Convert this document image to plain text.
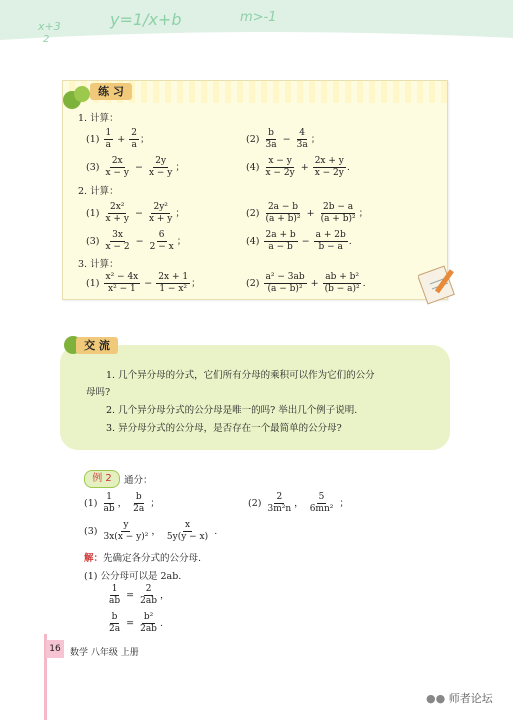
x+3
2
y=1/x+b	m>-1
练 习
1. 计算：
2. 计算：
3. 计算：
$(1) \frac{1}{a} + \frac{2}{a}$ ；	$(2) \frac{b}{3a} - \frac{4}{3a}$ ；
$(3) \frac{2x}{x - y} - \frac{2y}{x - y}$ ；	$(4) \frac{x - y}{x - 2y} + \frac{2x + y}{x - 2y}$ .
$(1) \frac{\text{2x²}}{x + y} - \frac{\text{2y²}}{x + y}$ ；	$(2) \frac{2a - b}{\text{(a + b)²}} + \frac{2b - a}{\text{(a + b)²}}$ ；
$(3) \frac{3x}{x - 2} - \frac{6}{2 - x}$ ；	$(4) \frac{2a + b}{a - b} - \frac{a + 2b}{b - a}$ .
$(1) \frac{\text{x² − 4x}}{\text{x² − 1}} - \frac{2x + 1}{\text{1 − x²}}$ ；	$(2) \frac{\text{a² − 3ab}}{\text{(a − b)²}} + \frac{\text{ab + b²}}{\text{(b − a)²}}$ .
交 流
1. 几个异分母的分式，它们所有分母的乘积可以作为它们的公分
母吗?
2. 几个异分母分式的公分母是唯一的吗? 举出几个例子说明.
3. 异分母分式的公分母，是否存在一个最简单的公分母?
例 2	通分：
$(1) \frac{1}{ab}$ ， $\frac{b}{2a}$ ；	$(2) \frac{2}{\text{3m²n}}$ ， $\frac{5}{\text{6mn²}}$ ；
$(3) \frac{y}{\text{3x(x − y)²}}$ ， $\frac{x}{5y(y - x)}$ .
解：先确定各分式的公分母.
(1) 公分母可以是 2ab.
$\frac{1}{ab} = \frac{2}{2ab}$ ，
$\frac{b}{2a} = \frac{\text{b²}}{2ab}$ .
16	数学 八年级 上册
●● 师者论坛
